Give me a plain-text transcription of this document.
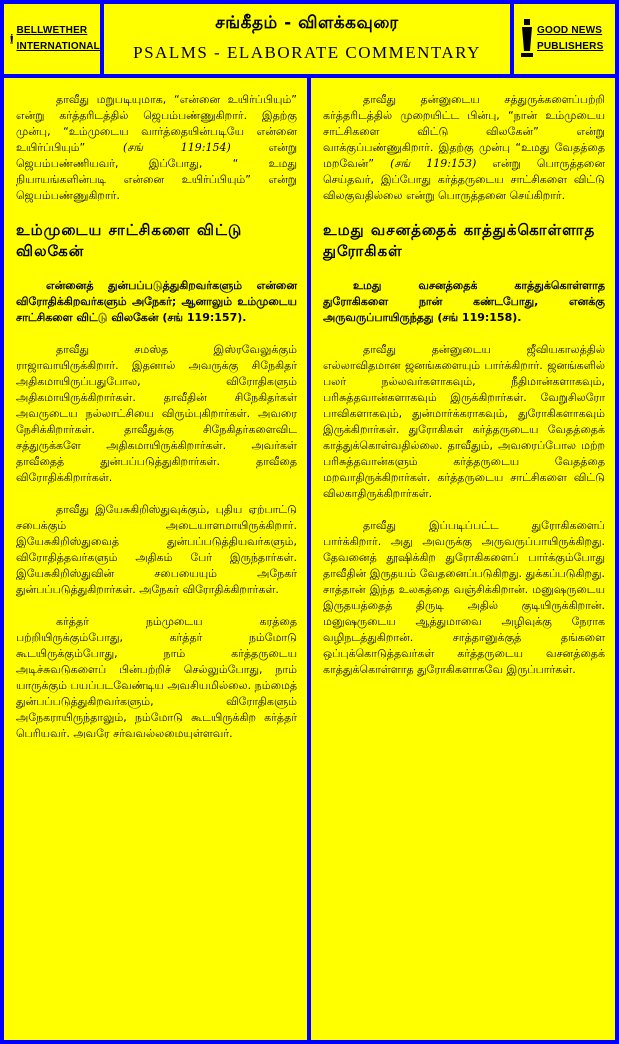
BELLWETHER
INTERNATIONAL
சங்கீதம் - விளக்கவுரை
PSALMS - ELABORATE COMMENTARY
GOOD NEWS
PUBLISHERS

தாவீது மறுபடியுமாக, “என்னை உயிர்ப்பியும்” என்று கர்த்தரிடத்தில் ஜெபம்பண்ணுகிறார். இதற்கு முன்பு, “உம்முடைய வார்த்தையின்படியே என்னை உயிர்ப்பியும்”	(சங் 119:154)	என்று ஜெபம்பண்ணியவர், இப்போது, “ உமது நியாயங்களின்படி என்னை உயிர்ப்பியும்” என்று ஜெபம்பண்ணுகிறார்.

உம்முடைய சாட்சிகளை விட்டு விலகேன்

என்னைத் துன்பப்படுத்துகிறவர்களும் என்னை விரோதிக்கிறவர்களும் அநேகர்; ஆனாலும் உம்முடைய சாட்சிகளை விட்டு விலகேன் (சங் 119:157).

தாவீது சமஸ்த இஸ்ரவேலுக்கும் ராஜாவாயிருக்கிறார். இதனால் அவருக்கு சிநேகிதர் அதிகமாயிருப்பதுபோல, விரோதிகளும் அதிகமாயிருக்கிறார்கள். தாவீதின் சிநேகிதர்கள் அவருடைய நல்லாட்சியை விரும்புகிறார்கள். அவரை நேசிக்கிறார்கள். தாவீதுக்கு சிநேகிதர்களைவிட சத்துருக்களே அதிகமாயிருக்கிறார்கள். அவர்கள் தாவீதைத் துன்பப்படுத்துகிறார்கள். தாவீதை விரோதிக்கிறார்கள்.

தாவீது இயேசுகிறிஸ்துவுக்கும், புதிய ஏற்பாட்டு சபைக்கும் அடையாளமாயிருக்கிறார். இயேசுகிறிஸ்துவைத் துன்பப்படுத்தியவர்களும், விரோதித்தவர்களும் அதிகம் பேர் இருந்தார்கள். இயேசுகிறிஸ்துவின் சபையையும் அநேகர் துன்பப்படுத்துகிறார்கள். அநேகர் விரோதிக்கிறார்கள்.

கர்த்தர் நம்முடைய கரத்தை பற்றியிருக்கும்போது, கர்த்தர் நம்மோடு கூடயிருக்கும்போது, நாம் கர்த்தருடைய அடிச்சுவடுகளைப் பின்பற்றிச் செல்லும்போது, நாம் யாருக்கும் பயப்படவேண்டிய அவசியமில்லை. நம்மைத் துன்பப்படுத்துகிறவர்களும், விரோதிகளும் அநேகராயிருந்தாலும், நம்மோடு கூடயிருக்கிற கர்த்தர் பெரியவர். அவரே சர்வவல்லமையுள்ளவர்.

தாவீது தன்னுடைய சத்துருக்களைப்பற்றி கர்த்தரிடத்தில் முறையிட்ட பின்பு, “நான் உம்முடைய சாட்சிகளை விட்டு விலகேன்” என்று வாக்குப்பண்ணுகிறார். இதற்கு முன்பு “உமது வேதத்தை மறவேன்” (சங் 119:153) என்று பொருத்தனை செய்தவர், இப்போது கர்த்தருடைய சாட்சிகளை விட்டு விலகுவதில்லை என்று பொருத்தனை செய்கிறார்.

உமது வசனத்தைக் காத்துக்கொள்ளாத துரோகிகள்

உமது வசனத்தைக் காத்துக்கொள்ளாத துரோகிகளை நான் கண்டபோது, எனக்கு அருவருப்பாயிருந்தது (சங் 119:158).

தாவீது தன்னுடைய ஜீவியகாலத்தில் எல்லாவிதமான ஜனங்களையும் பார்க்கிறார். ஜனங்களில் பலர் நல்லவர்களாகவும், நீதிமான்களாகவும், பரிசுத்தவான்களாகவும் இருக்கிறார்கள். வேறுசிலரோ பாவிகளாகவும், துன்மார்க்கராகவும், துரோகிகளாகவும் இருக்கிறார்கள். துரோகிகள் கர்த்தருடைய வேதத்தைக் காத்துக்கொள்வதில்லை. தாவீதும், அவரைப்போல மற்ற பரிசுத்தவான்களும் கர்த்தருடைய வேதத்தை மறவாதிருக்கிறார்கள். கர்த்தருடைய சாட்சிகளை விட்டு விலகாதிருக்கிறார்கள்.

தாவீது இப்படிப்பட்ட துரோகிகளைப் பார்க்கிறார். அது அவருக்கு அருவருப்பாயிருக்கிறது. தேவனைத் தூஷிக்கிற துரோகிகளைப் பார்க்கும்போது தாவீதின் இருதயம் வேதனைப்படுகிறது. துக்கப்படுகிறது. சாத்தான் இந்த உலகத்தை வஞ்சிக்கிறான். மனுஷருடைய இருதயத்தைத் திருடி அதில் குடியிருக்கிறான். மனுஷருடைய ஆத்துமாவை அழிவுக்கு நேராக வழிநடத்துகிறான். சாத்தானுக்குத் தங்களை ஒப்புக்கொடுத்தவர்கள் கர்த்தருடைய வசனத்தைக் காத்துக்கொள்ளாத துரோகிகளாகவே இருப்பார்கள்.
